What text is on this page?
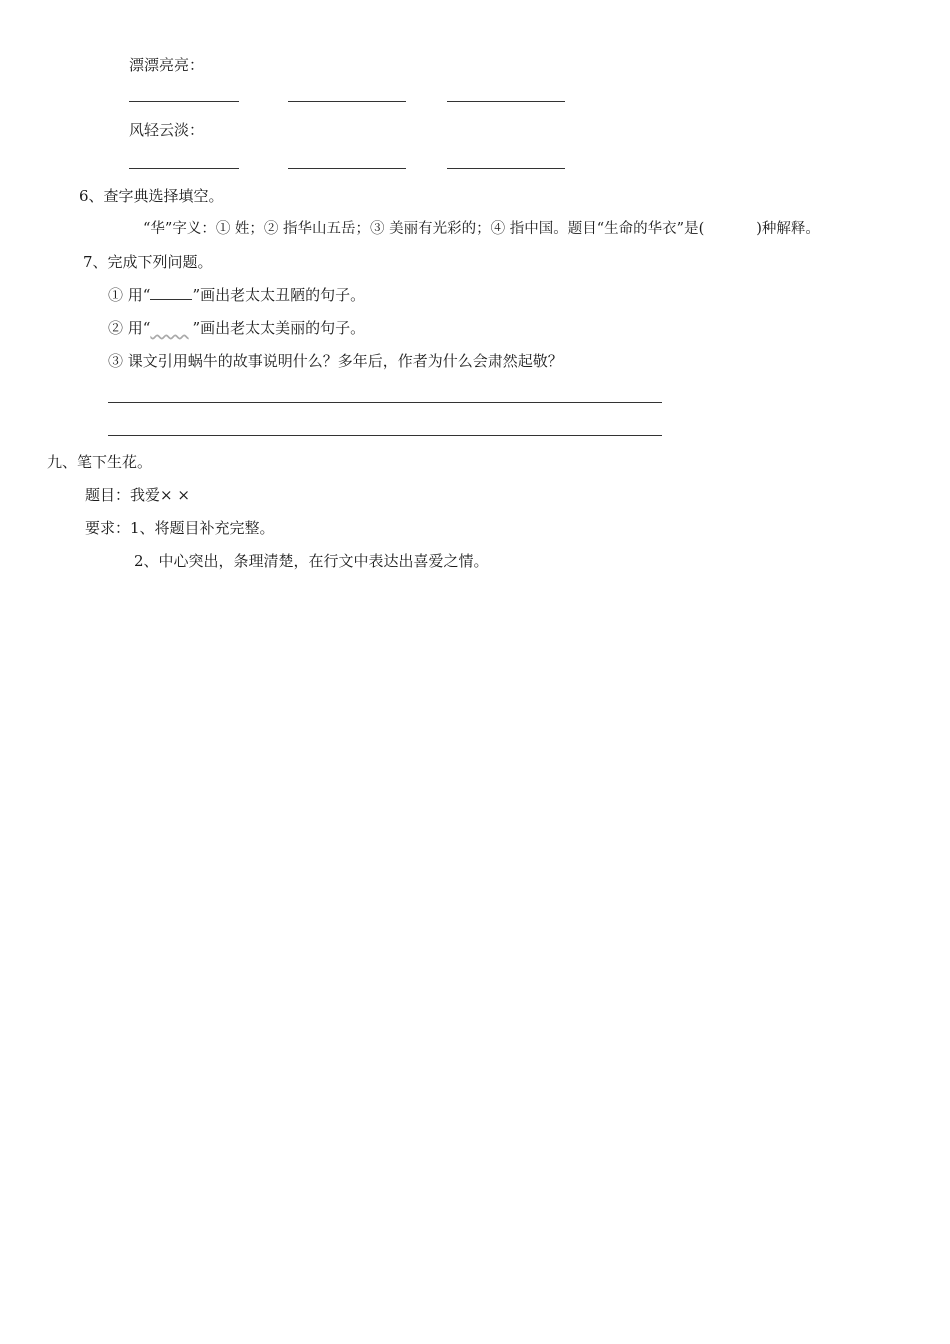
漂漂亮亮：
风轻云淡：
6、查字典选择填空。
“华”字义：① 姓；② 指华山五岳；③ 美丽有光彩的；④ 指中国。题目“生命的华衣”是(	)种解释。
7、完成下列问题。
① 用“	”画出老太太丑陋的句子。
② 用“	”画出老太太美丽的句子。
③ 课文引用蜗牛的故事说明什么？多年后，作者为什么会肃然起敬？
九、笔下生花。
题目：我爱× ×
要求：1、将题目补充完整。
2、中心突出，条理清楚，在行文中表达出喜爱之情。
